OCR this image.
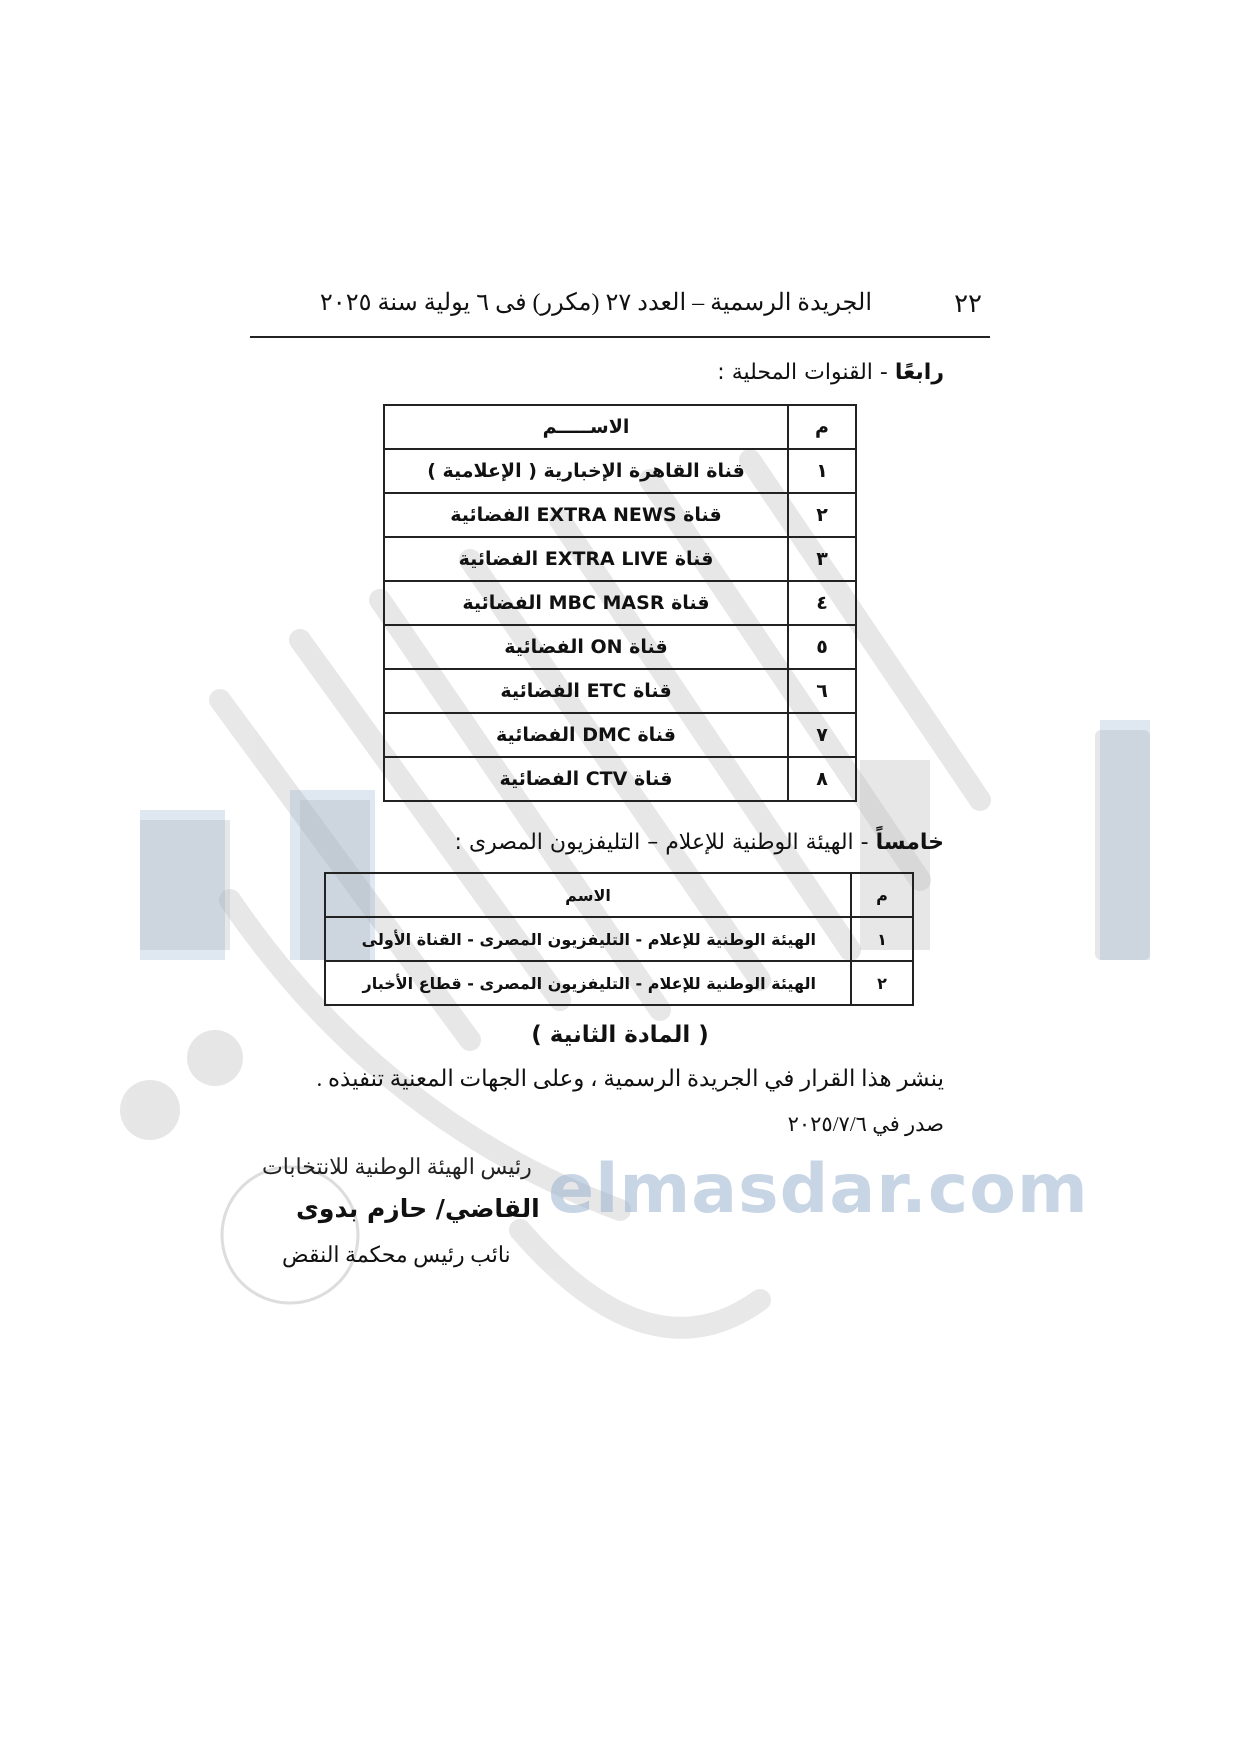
elmasdar.com
٢٢
الجريدة الرسمية – العدد ٢٧ (مكرر) فى ٦ يولية سنة ٢٠٢٥
رابعًا - القنوات المحلية :
م	الاســـــم
١	قناة القاهرة الإخبارية ( الإعلامية )
٢	قناة EXTRA NEWS الفضائية
٣	قناة EXTRA LIVE الفضائية
٤	قناة MBC MASR الفضائية
٥	قناة ON الفضائية
٦	قناة ETC الفضائية
٧	قناة DMC الفضائية
٨	قناة CTV الفضائية
خامساً - الهيئة الوطنية للإعلام – التليفزيون المصرى :
م	الاسم
١	الهيئة الوطنية للإعلام - التليفزيون المصرى - القناة الأولى
٢	الهيئة الوطنية للإعلام - التليفزيون المصرى - قطاع الأخبار
( المادة الثانية )
ينشر هذا القرار في الجريدة الرسمية ، وعلى الجهات المعنية تنفيذه .
صدر في ٢٠٢٥/٧/٦
رئيس الهيئة الوطنية للانتخابات
القاضي/ حازم بدوى
نائب رئيس محكمة النقض
